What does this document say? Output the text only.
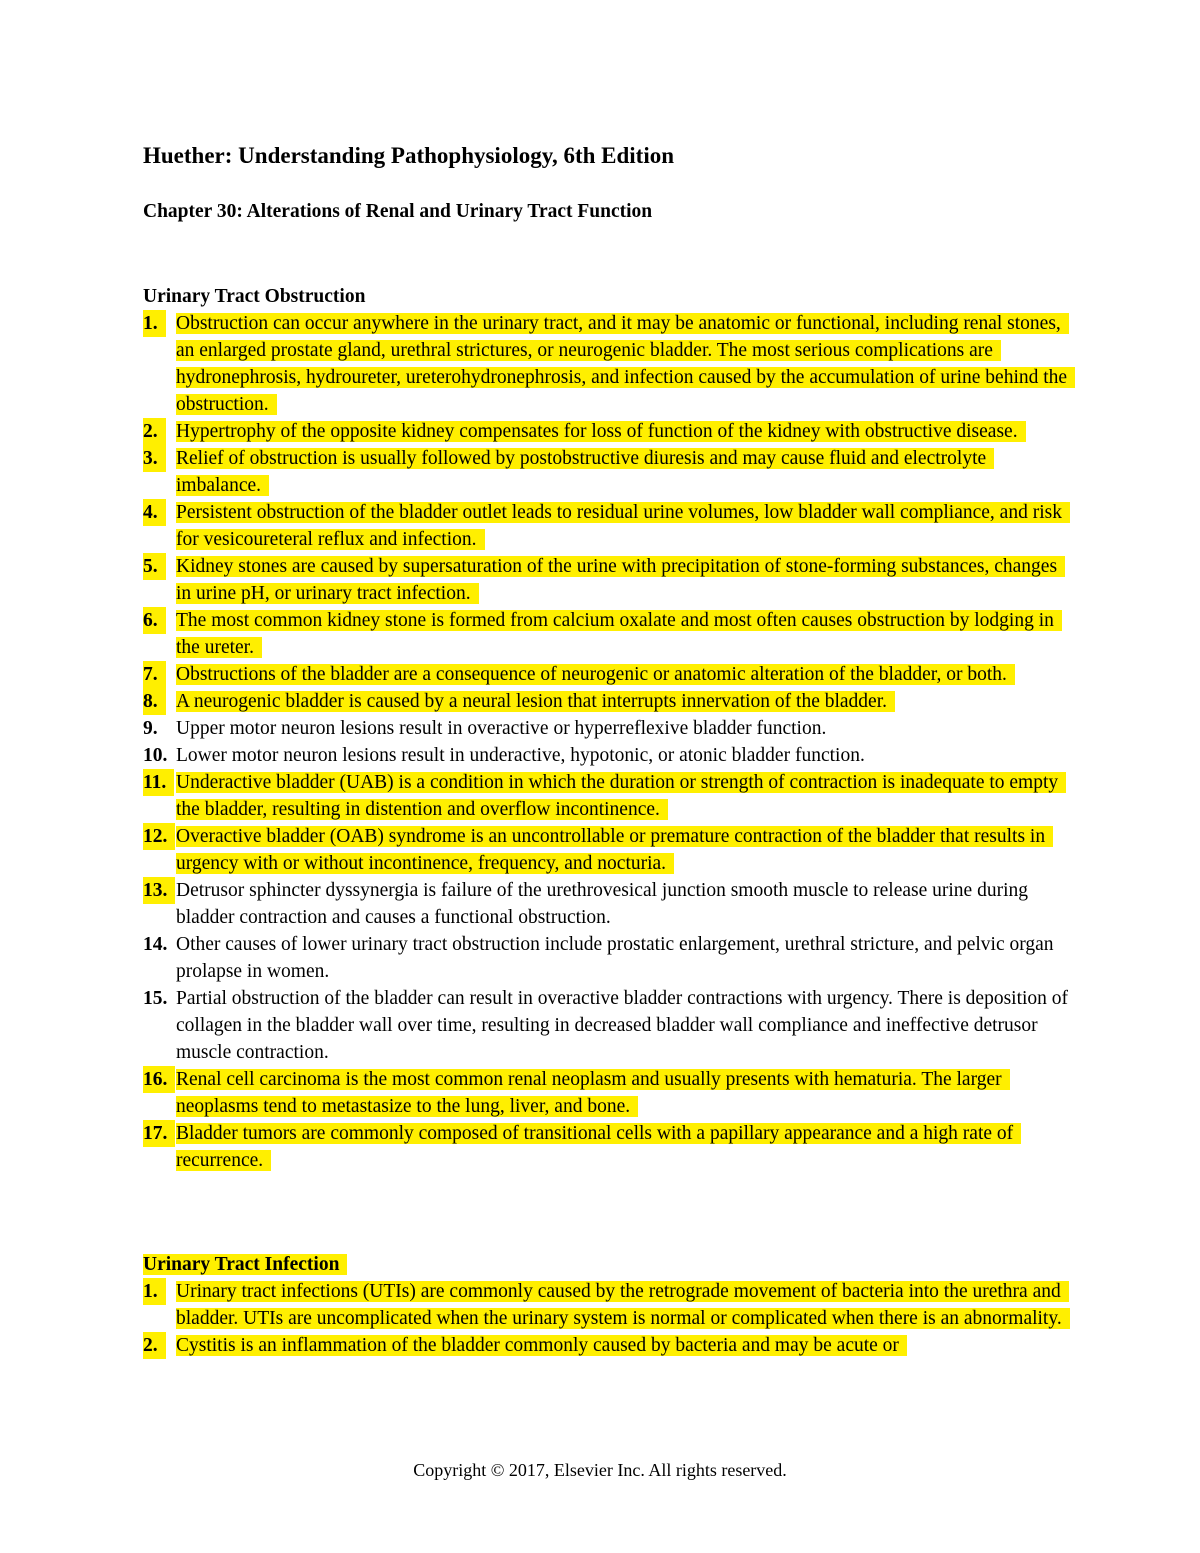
Huether: Understanding Pathophysiology, 6th Edition
Chapter 30: Alterations of Renal and Urinary Tract Function
Urinary Tract Obstruction
1. Obstruction can occur anywhere in the urinary tract, and it may be anatomic or functional, including renal stones, an enlarged prostate gland, urethral strictures, or neurogenic bladder. The most serious complications are hydronephrosis, hydroureter, ureterohydronephrosis, and infection caused by the accumulation of urine behind the obstruction.
2. Hypertrophy of the opposite kidney compensates for loss of function of the kidney with obstructive disease.
3. Relief of obstruction is usually followed by postobstructive diuresis and may cause fluid and electrolyte imbalance.
4. Persistent obstruction of the bladder outlet leads to residual urine volumes, low bladder wall compliance, and risk for vesicoureteral reflux and infection.
5. Kidney stones are caused by supersaturation of the urine with precipitation of stone-forming substances, changes in urine pH, or urinary tract infection.
6. The most common kidney stone is formed from calcium oxalate and most often causes obstruction by lodging in the ureter.
7. Obstructions of the bladder are a consequence of neurogenic or anatomic alteration of the bladder, or both.
8. A neurogenic bladder is caused by a neural lesion that interrupts innervation of the bladder.
9. Upper motor neuron lesions result in overactive or hyperreflexive bladder function.
10. Lower motor neuron lesions result in underactive, hypotonic, or atonic bladder function.
11. Underactive bladder (UAB) is a condition in which the duration or strength of contraction is inadequate to empty the bladder, resulting in distention and overflow incontinence.
12. Overactive bladder (OAB) syndrome is an uncontrollable or premature contraction of the bladder that results in urgency with or without incontinence, frequency, and nocturia.
13. Detrusor sphincter dyssynergia is failure of the urethrovesical junction smooth muscle to release urine during bladder contraction and causes a functional obstruction.
14. Other causes of lower urinary tract obstruction include prostatic enlargement, urethral stricture, and pelvic organ prolapse in women.
15. Partial obstruction of the bladder can result in overactive bladder contractions with urgency. There is deposition of collagen in the bladder wall over time, resulting in decreased bladder wall compliance and ineffective detrusor muscle contraction.
16. Renal cell carcinoma is the most common renal neoplasm and usually presents with hematuria. The larger neoplasms tend to metastasize to the lung, liver, and bone.
17. Bladder tumors are commonly composed of transitional cells with a papillary appearance and a high rate of recurrence.
Urinary Tract Infection
1. Urinary tract infections (UTIs) are commonly caused by the retrograde movement of bacteria into the urethra and bladder. UTIs are uncomplicated when the urinary system is normal or complicated when there is an abnormality.
2. Cystitis is an inflammation of the bladder commonly caused by bacteria and may be acute or
Copyright © 2017, Elsevier Inc. All rights reserved.
